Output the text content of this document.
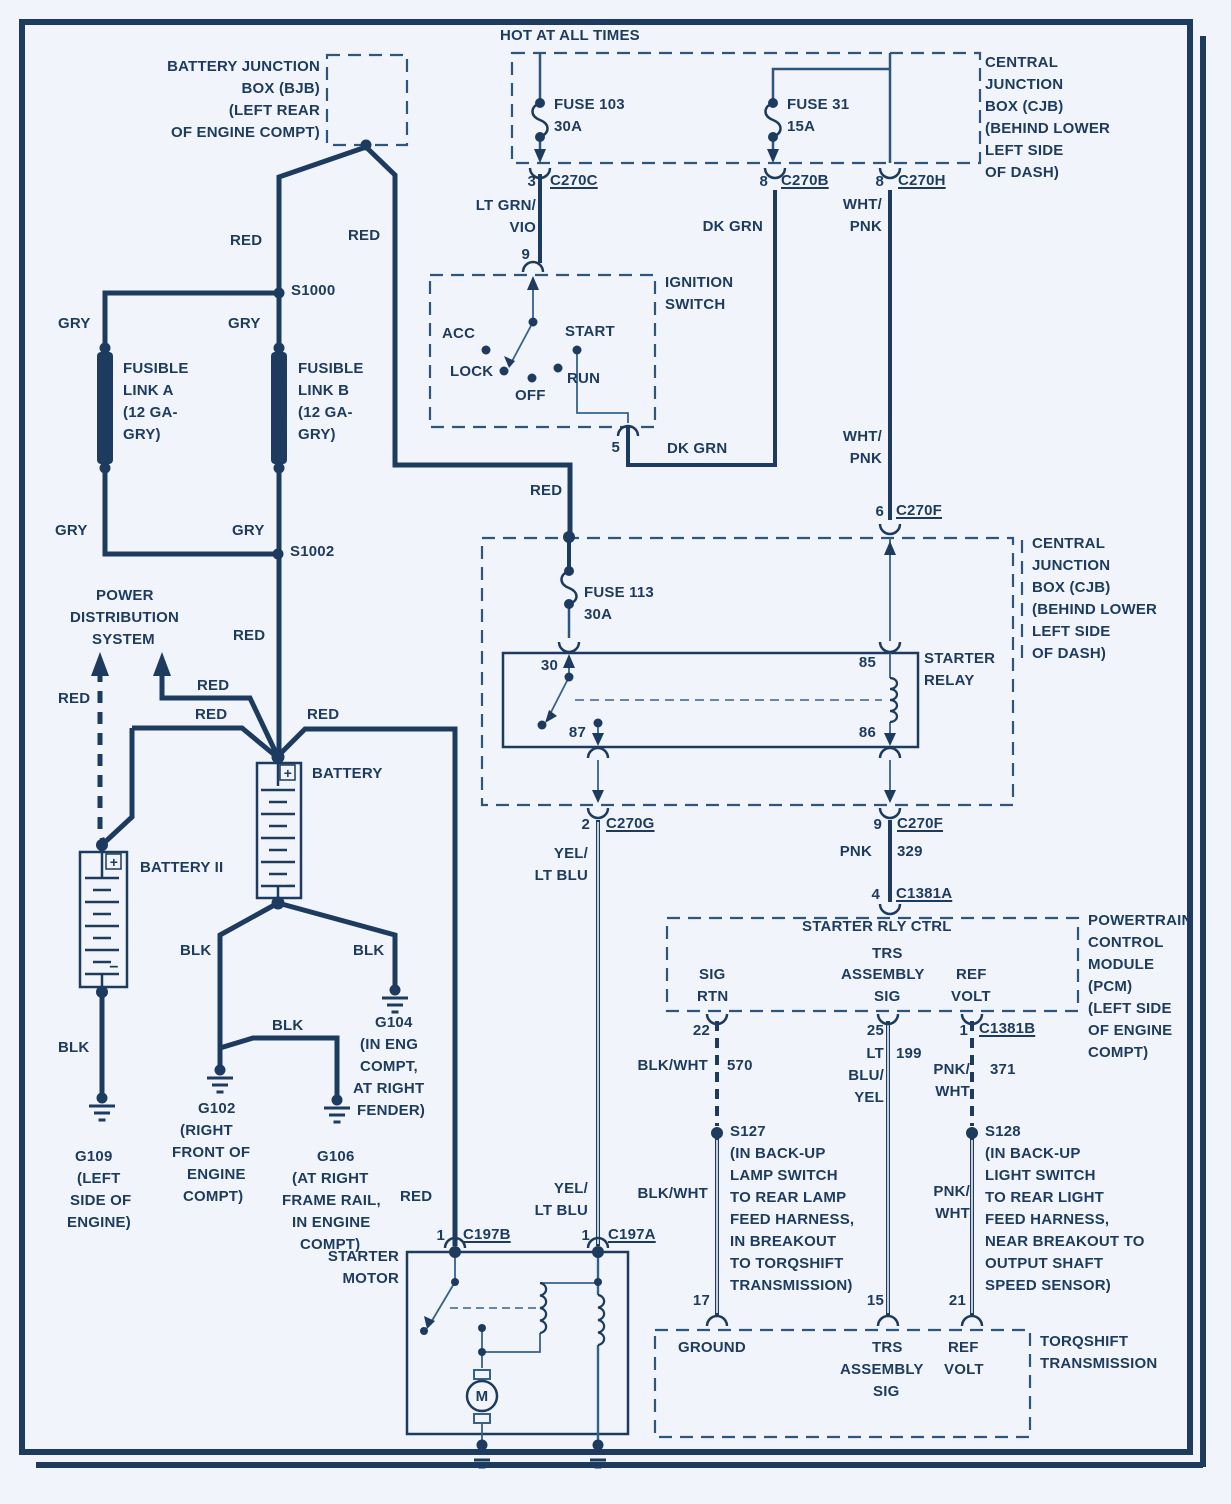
BATTERY JUNCTION
BOX (BJB)
(LEFT REAR
OF ENGINE COMPT)
HOT AT ALL TIMES
CENTRAL
JUNCTION
BOX (CJB)
(BEHIND LOWER
LEFT SIDE
OF DASH)
FUSE 103
30A
FUSE 31
15A
3 C270C	8 C270B	8 C270H
LT GRN/
VIO
9
DK GRN
WHT/
PNK
IGNITION
SWITCH
ACC	START
LOCK
OFF
RUN
5	DK GRN
WHT/
PNK
6 C270F
CENTRAL
JUNCTION
BOX (CJB)
(BEHIND LOWER
LEFT SIDE
OF DASH)
RED
FUSE 113
30A
STARTER
RELAY
30	85
87	86
2 C270G	9 C270F
PNK 329
4 C1381A
STARTER RLY CTRL	POWERTRAIN
CONTROL
MODULE
(PCM)
(LEFT SIDE
OF ENGINE
COMPT)
SIG
RTN
TRS
ASSEMBLY
SIG
REF
VOLT
22	25	1 C1381B
BLK/WHT 570
LT
BLU/
YEL
199
PNK/
WHT
371
S127
(IN BACK-UP
LAMP SWITCH
TO REAR LAMP
FEED HARNESS,
IN BREAKOUT
TO TORQSHIFT
TRANSMISSION)
BLK/WHT
S128
(IN BACK-UP
LIGHT SWITCH
TO REAR LIGHT
FEED HARNESS,
NEAR BREAKOUT TO
OUTPUT SHAFT
SPEED SENSOR)
PNK/
WHT
17	15	21
GROUND	TRS
ASSEMBLY
SIG
REF
VOLT
TORQSHIFT
TRANSMISSION
GRY	GRY
FUSIBLE
LINK A
(12 GA-
GRY)
FUSIBLE
LINK B
(12 GA-
GRY)
RED	RED
S1000
GRY	GRY
S1002
POWER
DISTRIBUTION
SYSTEM	RED
RED
RED
RED	RED
BATTERY
BATTERY II
BLK
BLK	BLK
BLK
G109
(LEFT
SIDE OF
ENGINE)
G102
(RIGHT
FRONT OF
ENGINE
COMPT)
G106
(AT RIGHT
FRAME RAIL,
IN ENGINE
COMPT)
G104
(IN ENG
COMPT,
AT RIGHT
FENDER)
RED
YEL/
LT BLU
YEL/
LT BLU
1 C197B	1 C197A
STARTER
MOTOR
M
+
−
+
−
